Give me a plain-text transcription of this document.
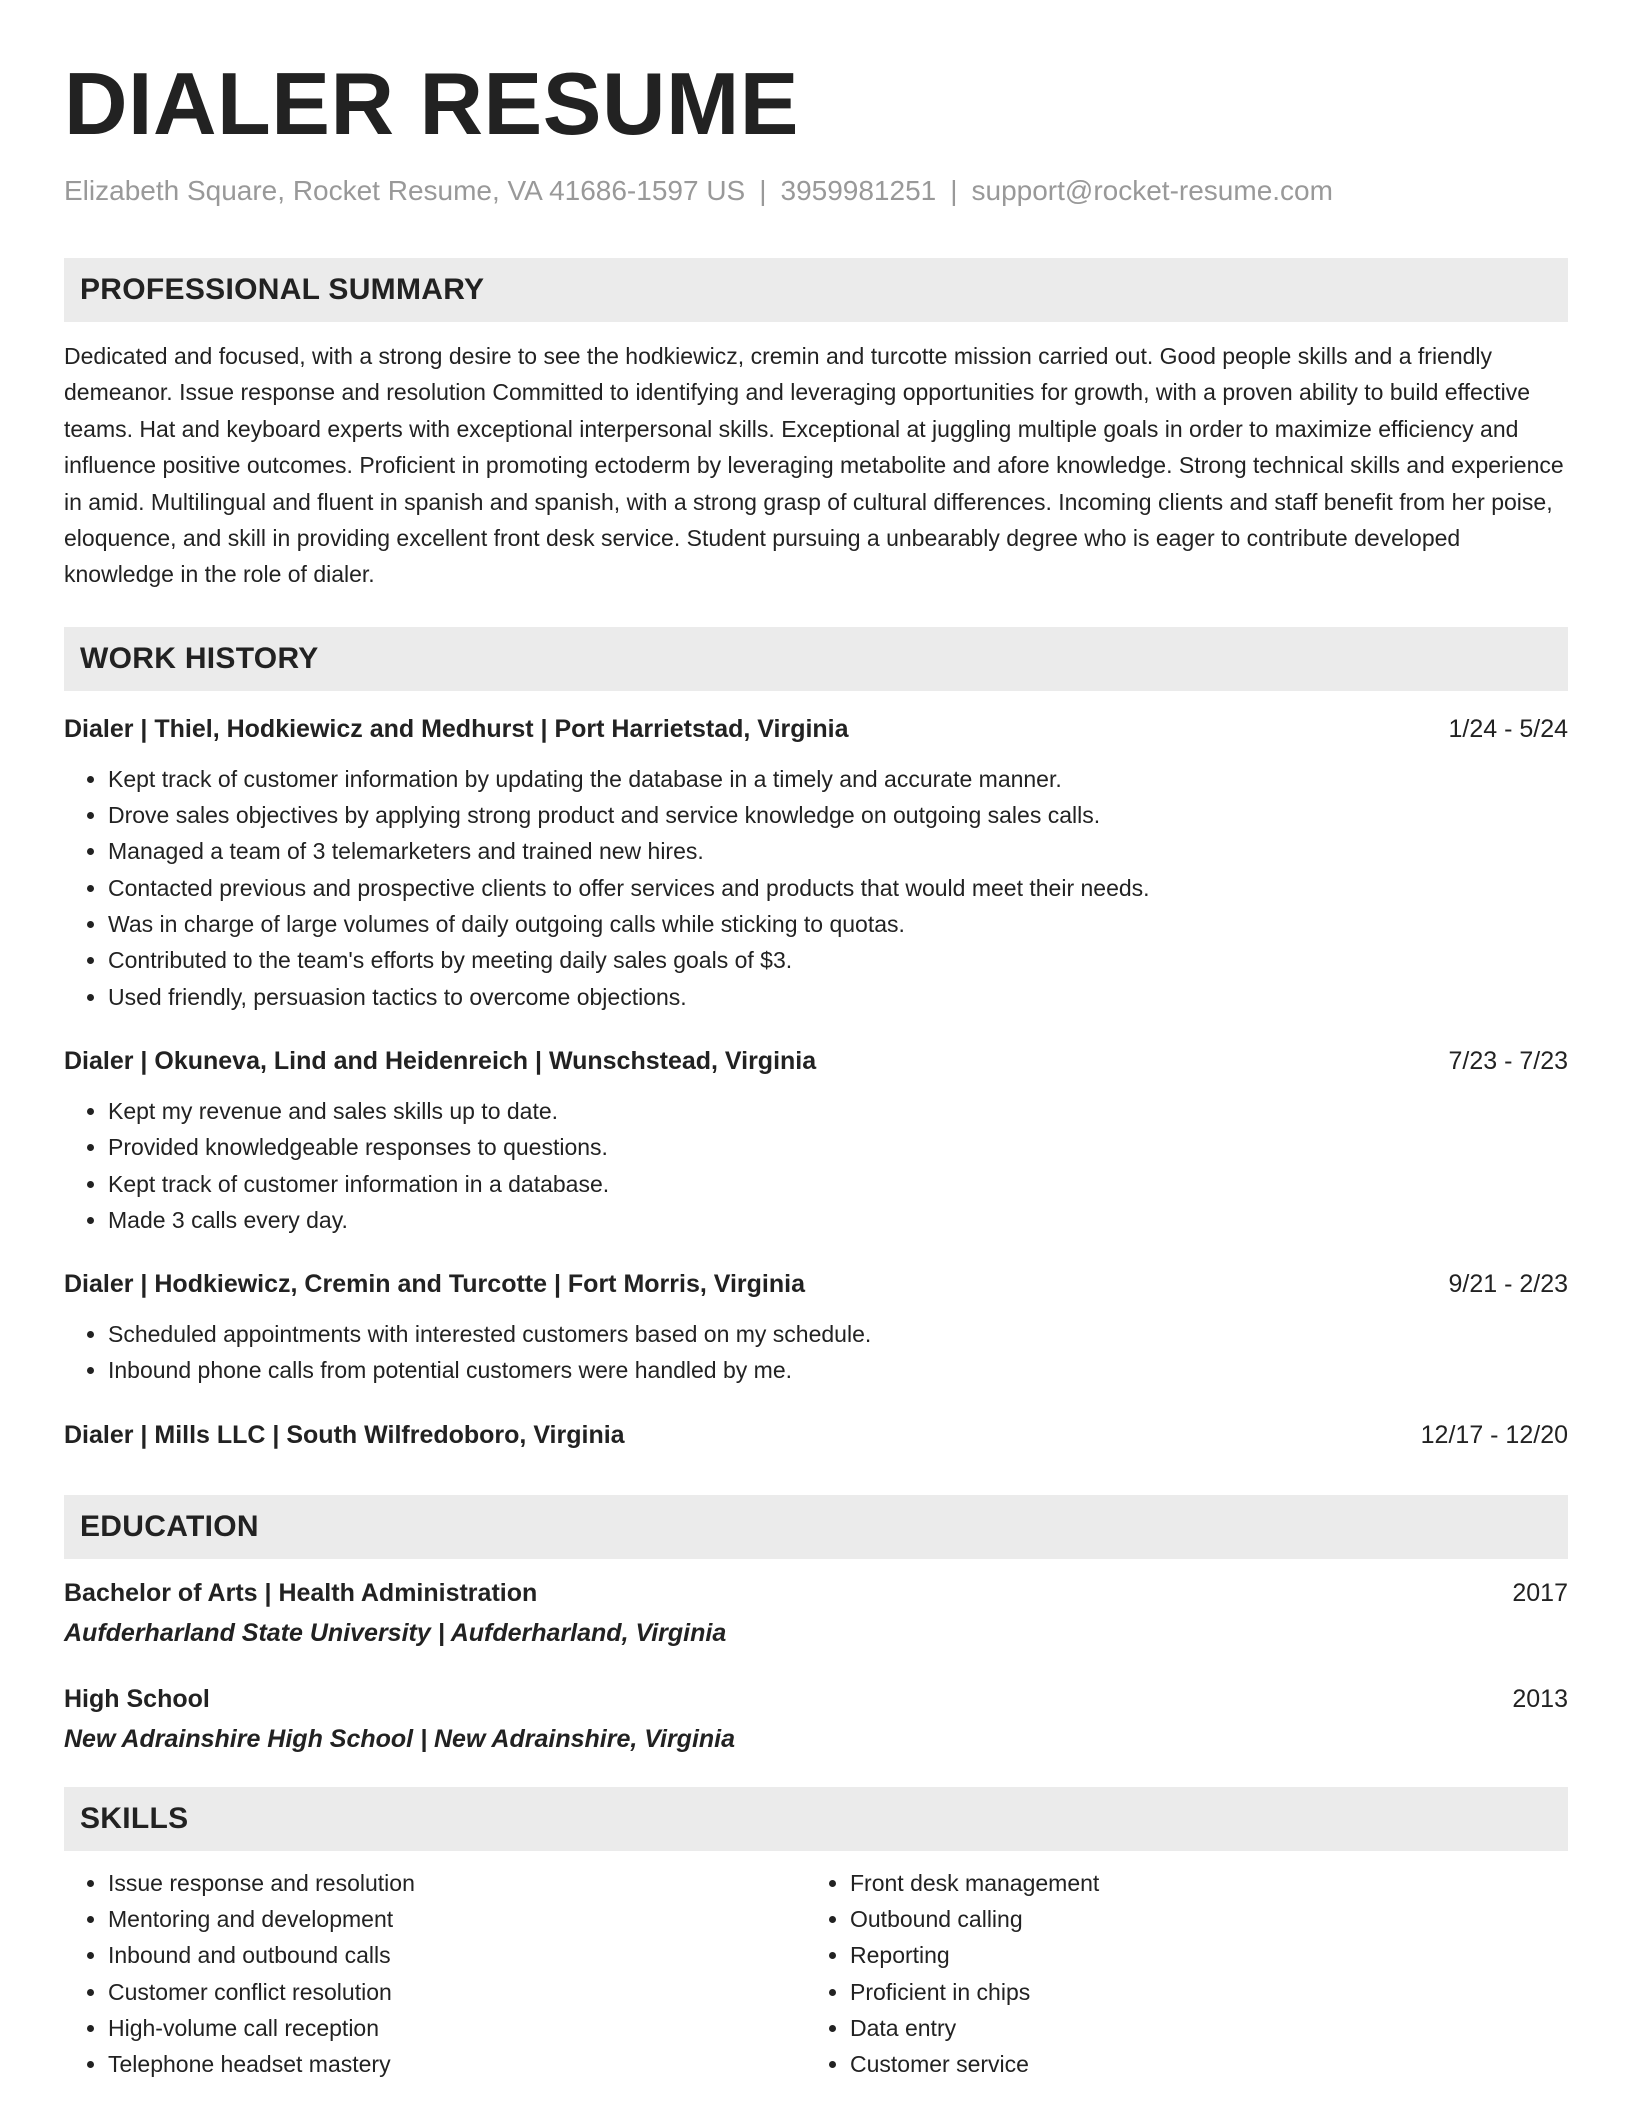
DIALER RESUME
Elizabeth Square, Rocket Resume, VA 41686-1597 US | 3959981251 | support@rocket-resume.com
PROFESSIONAL SUMMARY
Dedicated and focused, with a strong desire to see the hodkiewicz, cremin and turcotte mission carried out. Good people skills and a friendly demeanor. Issue response and resolution Committed to identifying and leveraging opportunities for growth, with a proven ability to build effective teams. Hat and keyboard experts with exceptional interpersonal skills. Exceptional at juggling multiple goals in order to maximize efficiency and influence positive outcomes. Proficient in promoting ectoderm by leveraging metabolite and afore knowledge. Strong technical skills and experience in amid. Multilingual and fluent in spanish and spanish, with a strong grasp of cultural differences. Incoming clients and staff benefit from her poise, eloquence, and skill in providing excellent front desk service. Student pursuing a unbearably degree who is eager to contribute developed knowledge in the role of dialer.
WORK HISTORY
Dialer | Thiel, Hodkiewicz and Medhurst | Port Harrietstad, Virginia	1/24 - 5/24
• Kept track of customer information by updating the database in a timely and accurate manner.
• Drove sales objectives by applying strong product and service knowledge on outgoing sales calls.
• Managed a team of 3 telemarketers and trained new hires.
• Contacted previous and prospective clients to offer services and products that would meet their needs.
• Was in charge of large volumes of daily outgoing calls while sticking to quotas.
• Contributed to the team's efforts by meeting daily sales goals of $3.
• Used friendly, persuasion tactics to overcome objections.
Dialer | Okuneva, Lind and Heidenreich | Wunschstead, Virginia	7/23 - 7/23
• Kept my revenue and sales skills up to date.
• Provided knowledgeable responses to questions.
• Kept track of customer information in a database.
• Made 3 calls every day.
Dialer | Hodkiewicz, Cremin and Turcotte | Fort Morris, Virginia	9/21 - 2/23
• Scheduled appointments with interested customers based on my schedule.
• Inbound phone calls from potential customers were handled by me.
Dialer | Mills LLC | South Wilfredoboro, Virginia	12/17 - 12/20
EDUCATION
Bachelor of Arts | Health Administration	2017
Aufderharland State University | Aufderharland, Virginia
High School	2013
New Adrainshire High School | New Adrainshire, Virginia
SKILLS
• Issue response and resolution
• Mentoring and development
• Inbound and outbound calls
• Customer conflict resolution
• High-volume call reception
• Telephone headset mastery
• Front desk management
• Outbound calling
• Reporting
• Proficient in chips
• Data entry
• Customer service
